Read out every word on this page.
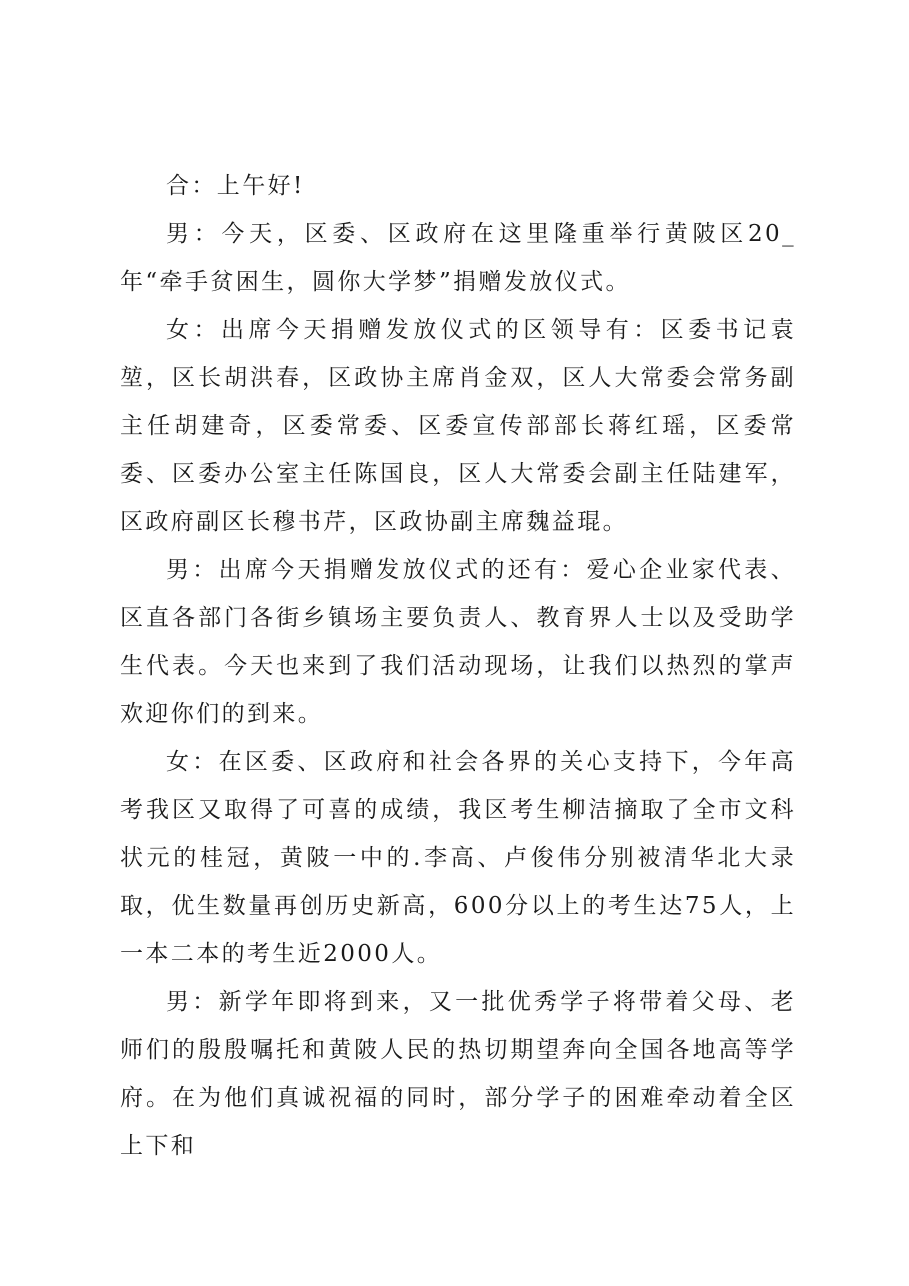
合：上午好!

男：今天，区委、区政府在这里隆重举行黄陂区20_年“牵手贫困生，圆你大学梦”捐赠发放仪式。

女：出席今天捐赠发放仪式的区领导有：区委书记袁堃，区长胡洪春，区政协主席肖金双，区人大常委会常务副主任胡建奇，区委常委、区委宣传部部长蒋红瑶，区委常委、区委办公室主任陈国良，区人大常委会副主任陆建军，区政府副区长穆书芹，区政协副主席魏益琨。

男：出席今天捐赠发放仪式的还有：爱心企业家代表、区直各部门各街乡镇场主要负责人、教育界人士以及受助学生代表。今天也来到了我们活动现场，让我们以热烈的掌声欢迎你们的到来。

女：在区委、区政府和社会各界的关心支持下，今年高考我区又取得了可喜的成绩，我区考生柳洁摘取了全市文科状元的桂冠，黄陂一中的.李高、卢俊伟分别被清华北大录取，优生数量再创历史新高，600分以上的考生达75人，上一本二本的考生近2000人。

男：新学年即将到来，又一批优秀学子将带着父母、老师们的殷殷嘱托和黄陂人民的热切期望奔向全国各地高等学府。在为他们真诚祝福的同时，部分学子的困难牵动着全区上下和
